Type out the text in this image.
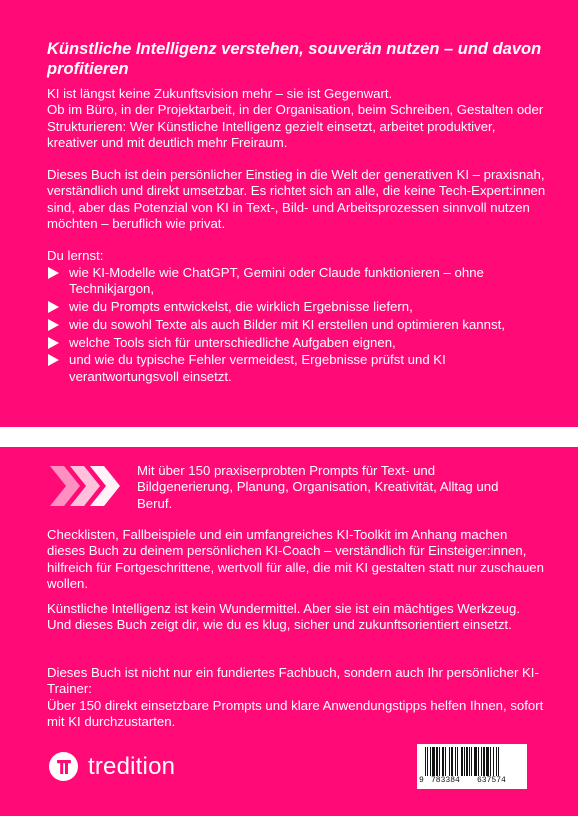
Künstliche Intelligenz verstehen, souverän nutzen – und davon profitieren
KI ist längst keine Zukunftsvision mehr – sie ist Gegenwart.
Ob im Büro, in der Projektarbeit, in der Organisation, beim Schreiben, Gestalten oder Strukturieren: Wer Künstliche Intelligenz gezielt einsetzt, arbeitet produktiver, kreativer und mit deutlich mehr Freiraum.
Dieses Buch ist dein persönlicher Einstieg in die Welt der generativen KI – praxisnah, verständlich und direkt umsetzbar. Es richtet sich an alle, die keine Tech-Expert:innen sind, aber das Potenzial von KI in Text-, Bild- und Arbeitsprozessen sinnvoll nutzen möchten – beruflich wie privat.
Du lernst:
wie KI-Modelle wie ChatGPT, Gemini oder Claude funktionieren – ohne Technikjargon,
wie du Prompts entwickelst, die wirklich Ergebnisse liefern,
wie du sowohl Texte als auch Bilder mit KI erstellen und optimieren kannst,
welche Tools sich für unterschiedliche Aufgaben eignen,
und wie du typische Fehler vermeidest, Ergebnisse prüfst und KI verantwortungsvoll einsetzt.
Mit über 150 praxiserprobten Prompts für Text- und Bildgenerierung, Planung, Organisation, Kreativität, Alltag und Beruf.
Checklisten, Fallbeispiele und ein umfangreiches KI-Toolkit im Anhang machen dieses Buch zu deinem persönlichen KI-Coach – verständlich für Einsteiger:innen, hilfreich für Fortgeschrittene, wertvoll für alle, die mit KI gestalten statt nur zuschauen wollen.
Künstliche Intelligenz ist kein Wundermittel. Aber sie ist ein mächtiges Werkzeug. Und dieses Buch zeigt dir, wie du es klug, sicher und zukunftsorientiert einsetzt.
Dieses Buch ist nicht nur ein fundiertes Fachbuch, sondern auch Ihr persönlicher KI-Trainer:
Über 150 direkt einsetzbare Prompts und klare Anwendungstipps helfen Ihnen, sofort mit KI durchzustarten.
tredition
9 783384 637574
